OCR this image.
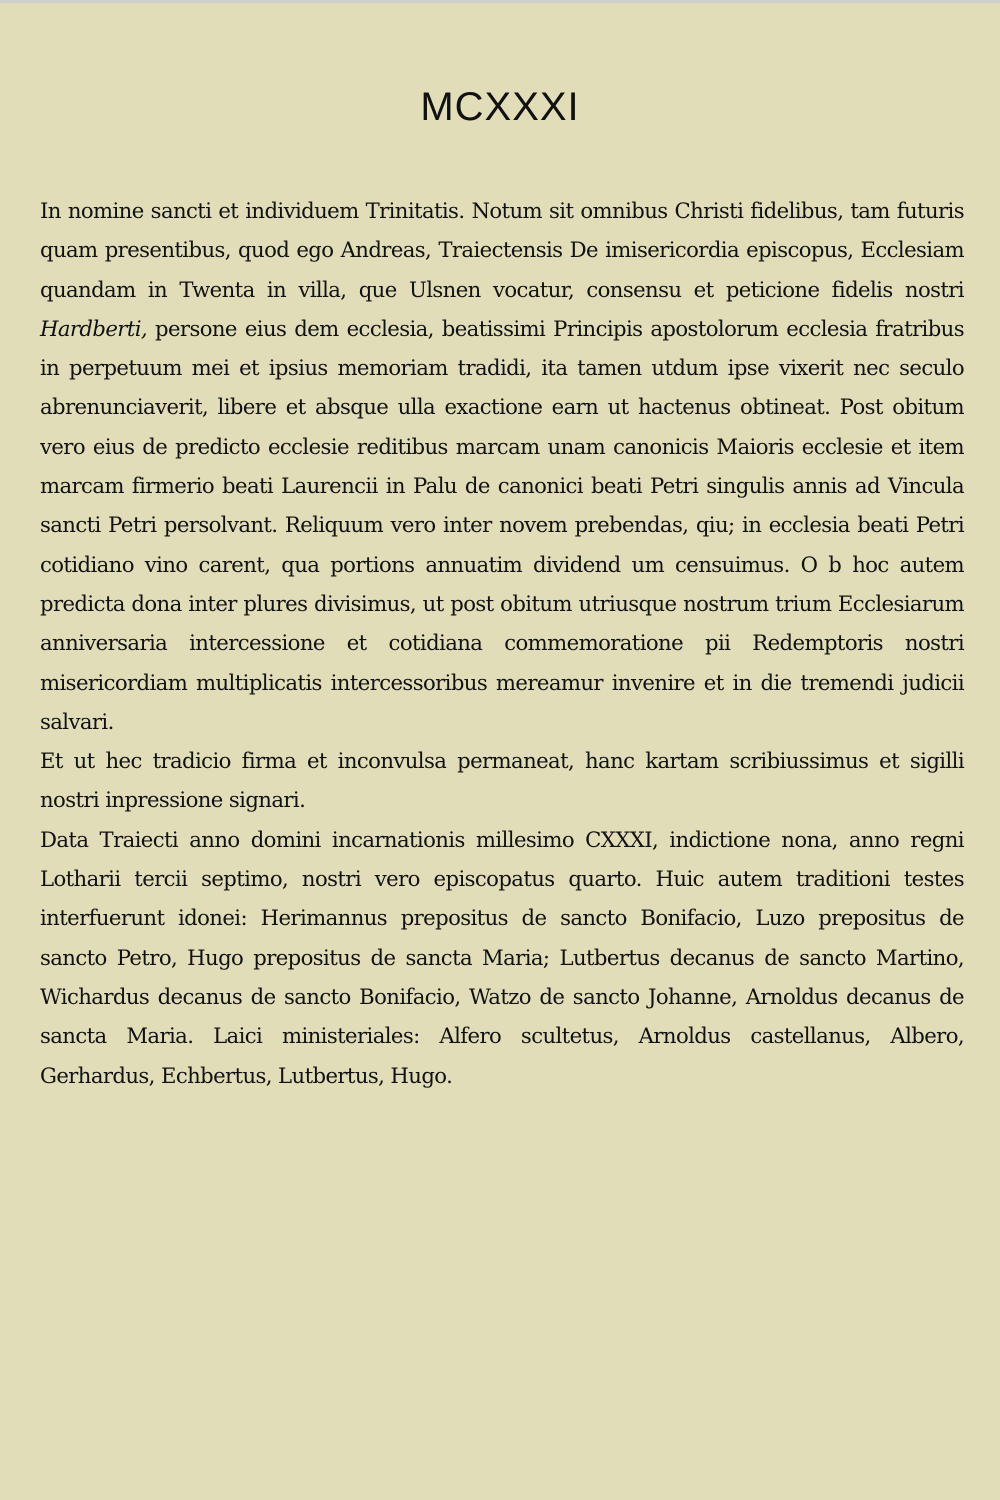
MCXXXI

In nomine sancti et individuem Trinitatis. Notum sit omnibus Christi fidelibus, tam futuris quam presentibus, quod ego Andreas, Traiectensis De imisericordia episcopus, Ecclesiam quandam in Twenta in villa, que Ulsnen vocatur, consensu et peticione fidelis nostri Hardberti, persone eius dem ecclesia, beatissimi Principis apostolorum ecclesia fratribus in perpetuum mei et ipsius memoriam tradidi, ita tamen utdum ipse vixerit nec seculo abrenunciaverit, libere et absque ulla exactione earn ut hactenus obtineat. Post obitum vero eius de predicto ecclesie reditibus marcam unam canonicis Maioris ecclesie et item marcam firmerio beati Laurencii in Palu de canonici beati Petri singulis annis ad Vincula sancti Petri persolvant. Reliquum vero inter novem prebendas, qiu; in ecclesia beati Petri cotidiano vino carent, qua portions annuatim dividend um censuimus. O b hoc autem predicta dona inter plures divisimus, ut post obitum utriusque nostrum trium Ecclesiarum anniversaria intercessione et cotidiana commemoratione pii Redemptoris nostri misericordiam multiplicatis intercessoribus mereamur invenire et in die tremendi judicii salvari.

Et ut hec tradicio firma et inconvulsa permaneat, hanc kartam scribiussimus et sigilli nostri inpressione signari.

Data Traiecti anno domini incarnationis millesimo CXXXI, indictione nona, anno regni Lotharii tercii septimo, nostri vero episcopatus quarto. Huic autem traditioni testes interfuerunt idonei: Herimannus prepositus de sancto Bonifacio, Luzo prepositus de sancto Petro, Hugo prepositus de sancta Maria; Lutbertus decanus de sancto Martino, Wichardus decanus de sancto Bonifacio, Watzo de sancto Johanne, Arnoldus decanus de sancta Maria. Laici ministeriales: Alfero scultetus, Arnoldus castellanus, Albero, Gerhardus, Echbertus, Lutbertus, Hugo.
